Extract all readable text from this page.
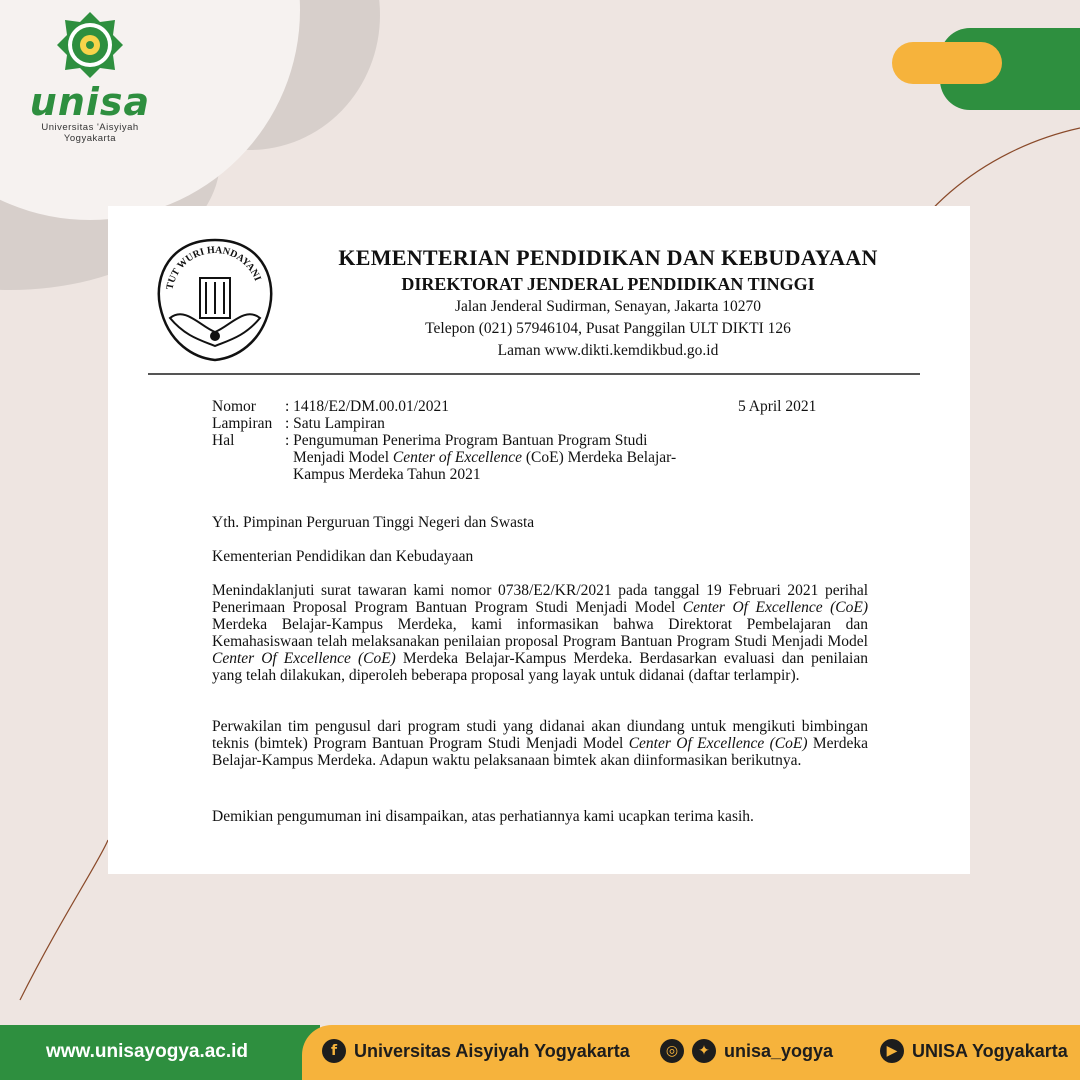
unisa
Universitas 'Aisyiyah
Yogyakarta
TUT WURI HANDAYANI
KEMENTERIAN PENDIDIKAN DAN KEBUDAYAAN
DIREKTORAT JENDERAL PENDIDIKAN TINGGI
Jalan Jenderal Sudirman, Senayan, Jakarta 10270
Telepon (021) 57946104, Pusat Panggilan ULT DIKTI 126
Laman www.dikti.kemdikbud.go.id
Nomor	: 1418/E2/DM.00.01/2021
Lampiran : Satu Lampiran
Hal	: Pengumuman Penerima Program Bantuan Program Studi
Menjadi Model Center of Excellence (CoE) Merdeka Belajar-
Kampus Merdeka Tahun 2021
5 April 2021
Yth. Pimpinan Perguruan Tinggi Negeri dan Swasta
Kementerian Pendidikan dan Kebudayaan
Menindaklanjuti surat tawaran kami nomor 0738/E2/KR/2021 pada tanggal 19 Februari 2021 perihal Penerimaan Proposal Program Bantuan Program Studi Menjadi Model Center Of Excellence (CoE) Merdeka Belajar-Kampus Merdeka, kami informasikan bahwa Direktorat Pembelajaran dan Kemahasiswaan telah melaksanakan penilaian proposal Program Bantuan Program Studi Menjadi Model Center Of Excellence (CoE) Merdeka Belajar-Kampus Merdeka. Berdasarkan evaluasi dan penilaian yang telah dilakukan, diperoleh beberapa proposal yang layak untuk didanai (daftar terlampir).
Perwakilan tim pengusul dari program studi yang didanai akan diundang untuk mengikuti bimbingan teknis (bimtek) Program Bantuan Program Studi Menjadi Model Center Of Excellence (CoE) Merdeka Belajar-Kampus Merdeka. Adapun waktu pelaksanaan bimtek akan diinformasikan berikutnya.
Demikian pengumuman ini disampaikan, atas perhatiannya kami ucapkan terima kasih.
www.unisayogya.ac.id	f Universitas Aisyiyah Yogyakarta	◎	✦ unisa_yogya	▶ UNISA Yogyakarta
